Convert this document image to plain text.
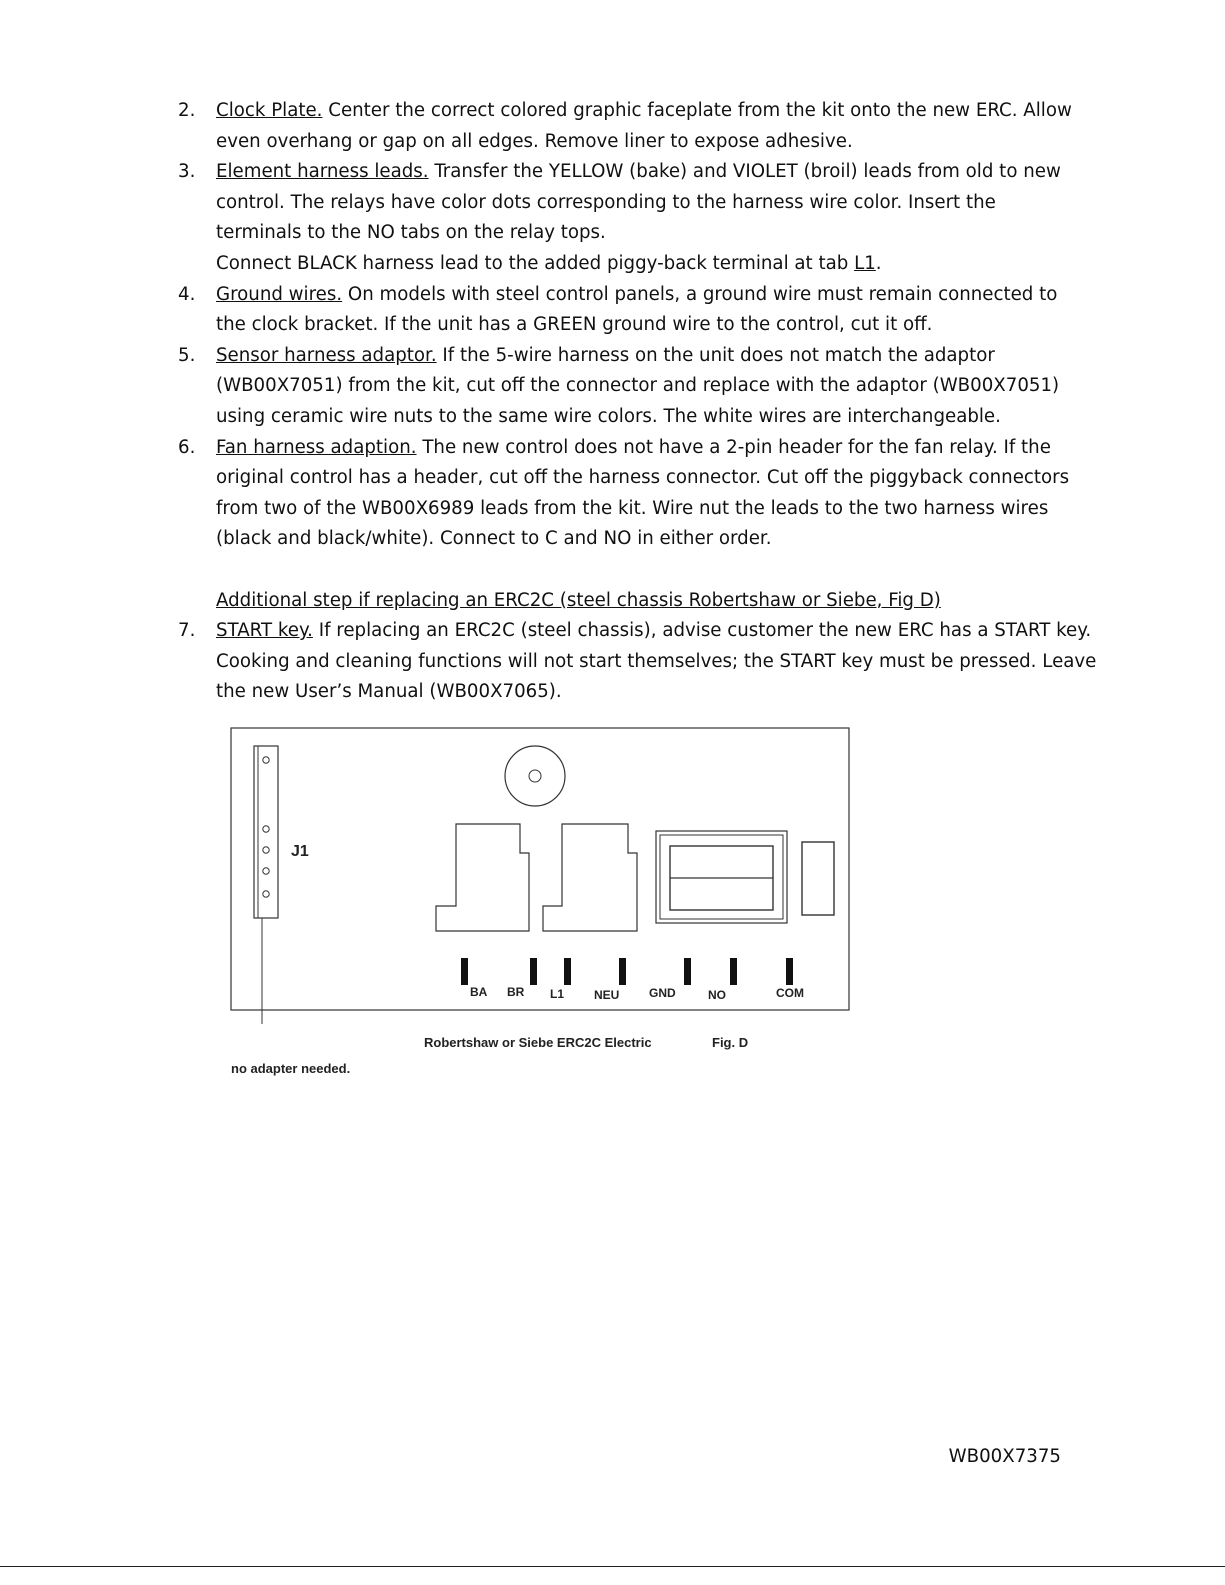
2. Clock Plate. Center the correct colored graphic faceplate from the kit onto the new ERC. Allow
even overhang or gap on all edges. Remove liner to expose adhesive.
3. Element harness leads. Transfer the YELLOW (bake) and VIOLET (broil) leads from old to new
control. The relays have color dots corresponding to the harness wire color. Insert the
terminals to the NO tabs on the relay tops.
Connect BLACK harness lead to the added piggy-back terminal at tab L1.
4. Ground wires. On models with steel control panels, a ground wire must remain connected to
the clock bracket. If the unit has a GREEN ground wire to the control, cut it off.
5. Sensor harness adaptor. If the 5-wire harness on the unit does not match the adaptor
(WB00X7051) from the kit, cut off the connector and replace with the adaptor (WB00X7051)
using ceramic wire nuts to the same wire colors. The white wires are interchangeable.
6. Fan harness adaption. The new control does not have a 2-pin header for the fan relay. If the
original control has a header, cut off the harness connector. Cut off the piggyback connectors
from two of the WB00X6989 leads from the kit. Wire nut the leads to the two harness wires
(black and black/white). Connect to C and NO in either order.
Additional step if replacing an ERC2C (steel chassis Robertshaw or Siebe, Fig D)
7. START key. If replacing an ERC2C (steel chassis), advise customer the new ERC has a START key.
Cooking and cleaning functions will not start themselves; the START key must be pressed. Leave
the new User’s Manual (WB00X7065).
J1
BA BR L1 NEU GND	NO	COM
Robertshaw or Siebe ERC2C Electric	Fig. D
no adapter needed.
WB00X7375
